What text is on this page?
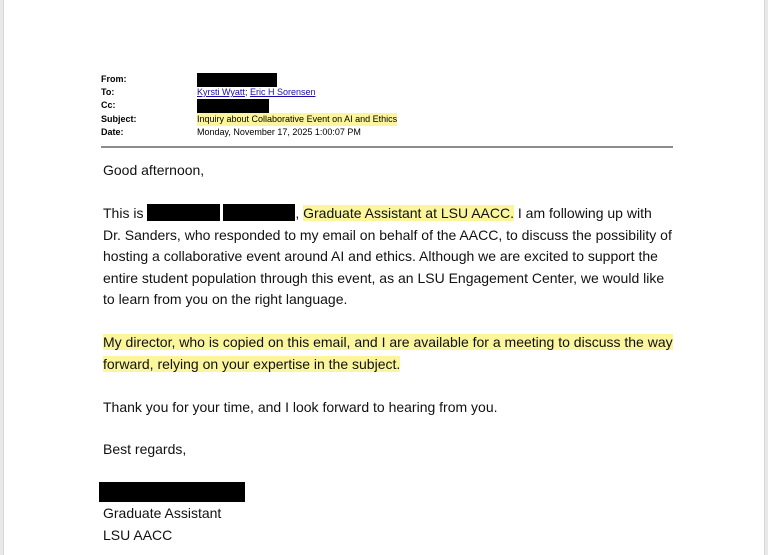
From:
To:	Kyrsti Wyatt; Eric H Sorensen
Cc:
Subject:	Inquiry about Collaborative Event on AI and Ethics
Date:	Monday, November 17, 2025 1:00:07 PM

Good afternoon,

This is	, Graduate Assistant at LSU AACC. I am following up with Dr. Sanders, who responded to my email on behalf of the AACC, to discuss the possibility of hosting a collaborative event around AI and ethics. Although we are excited to support the entire student population through this event, as an LSU Engagement Center, we would like to learn from you on the right language.

My director, who is copied on this email, and I are available for a meeting to discuss the way forward, relying on your expertise in the subject.

Thank you for your time, and I look forward to hearing from you.

Best regards,

Graduate Assistant

LSU AACC
